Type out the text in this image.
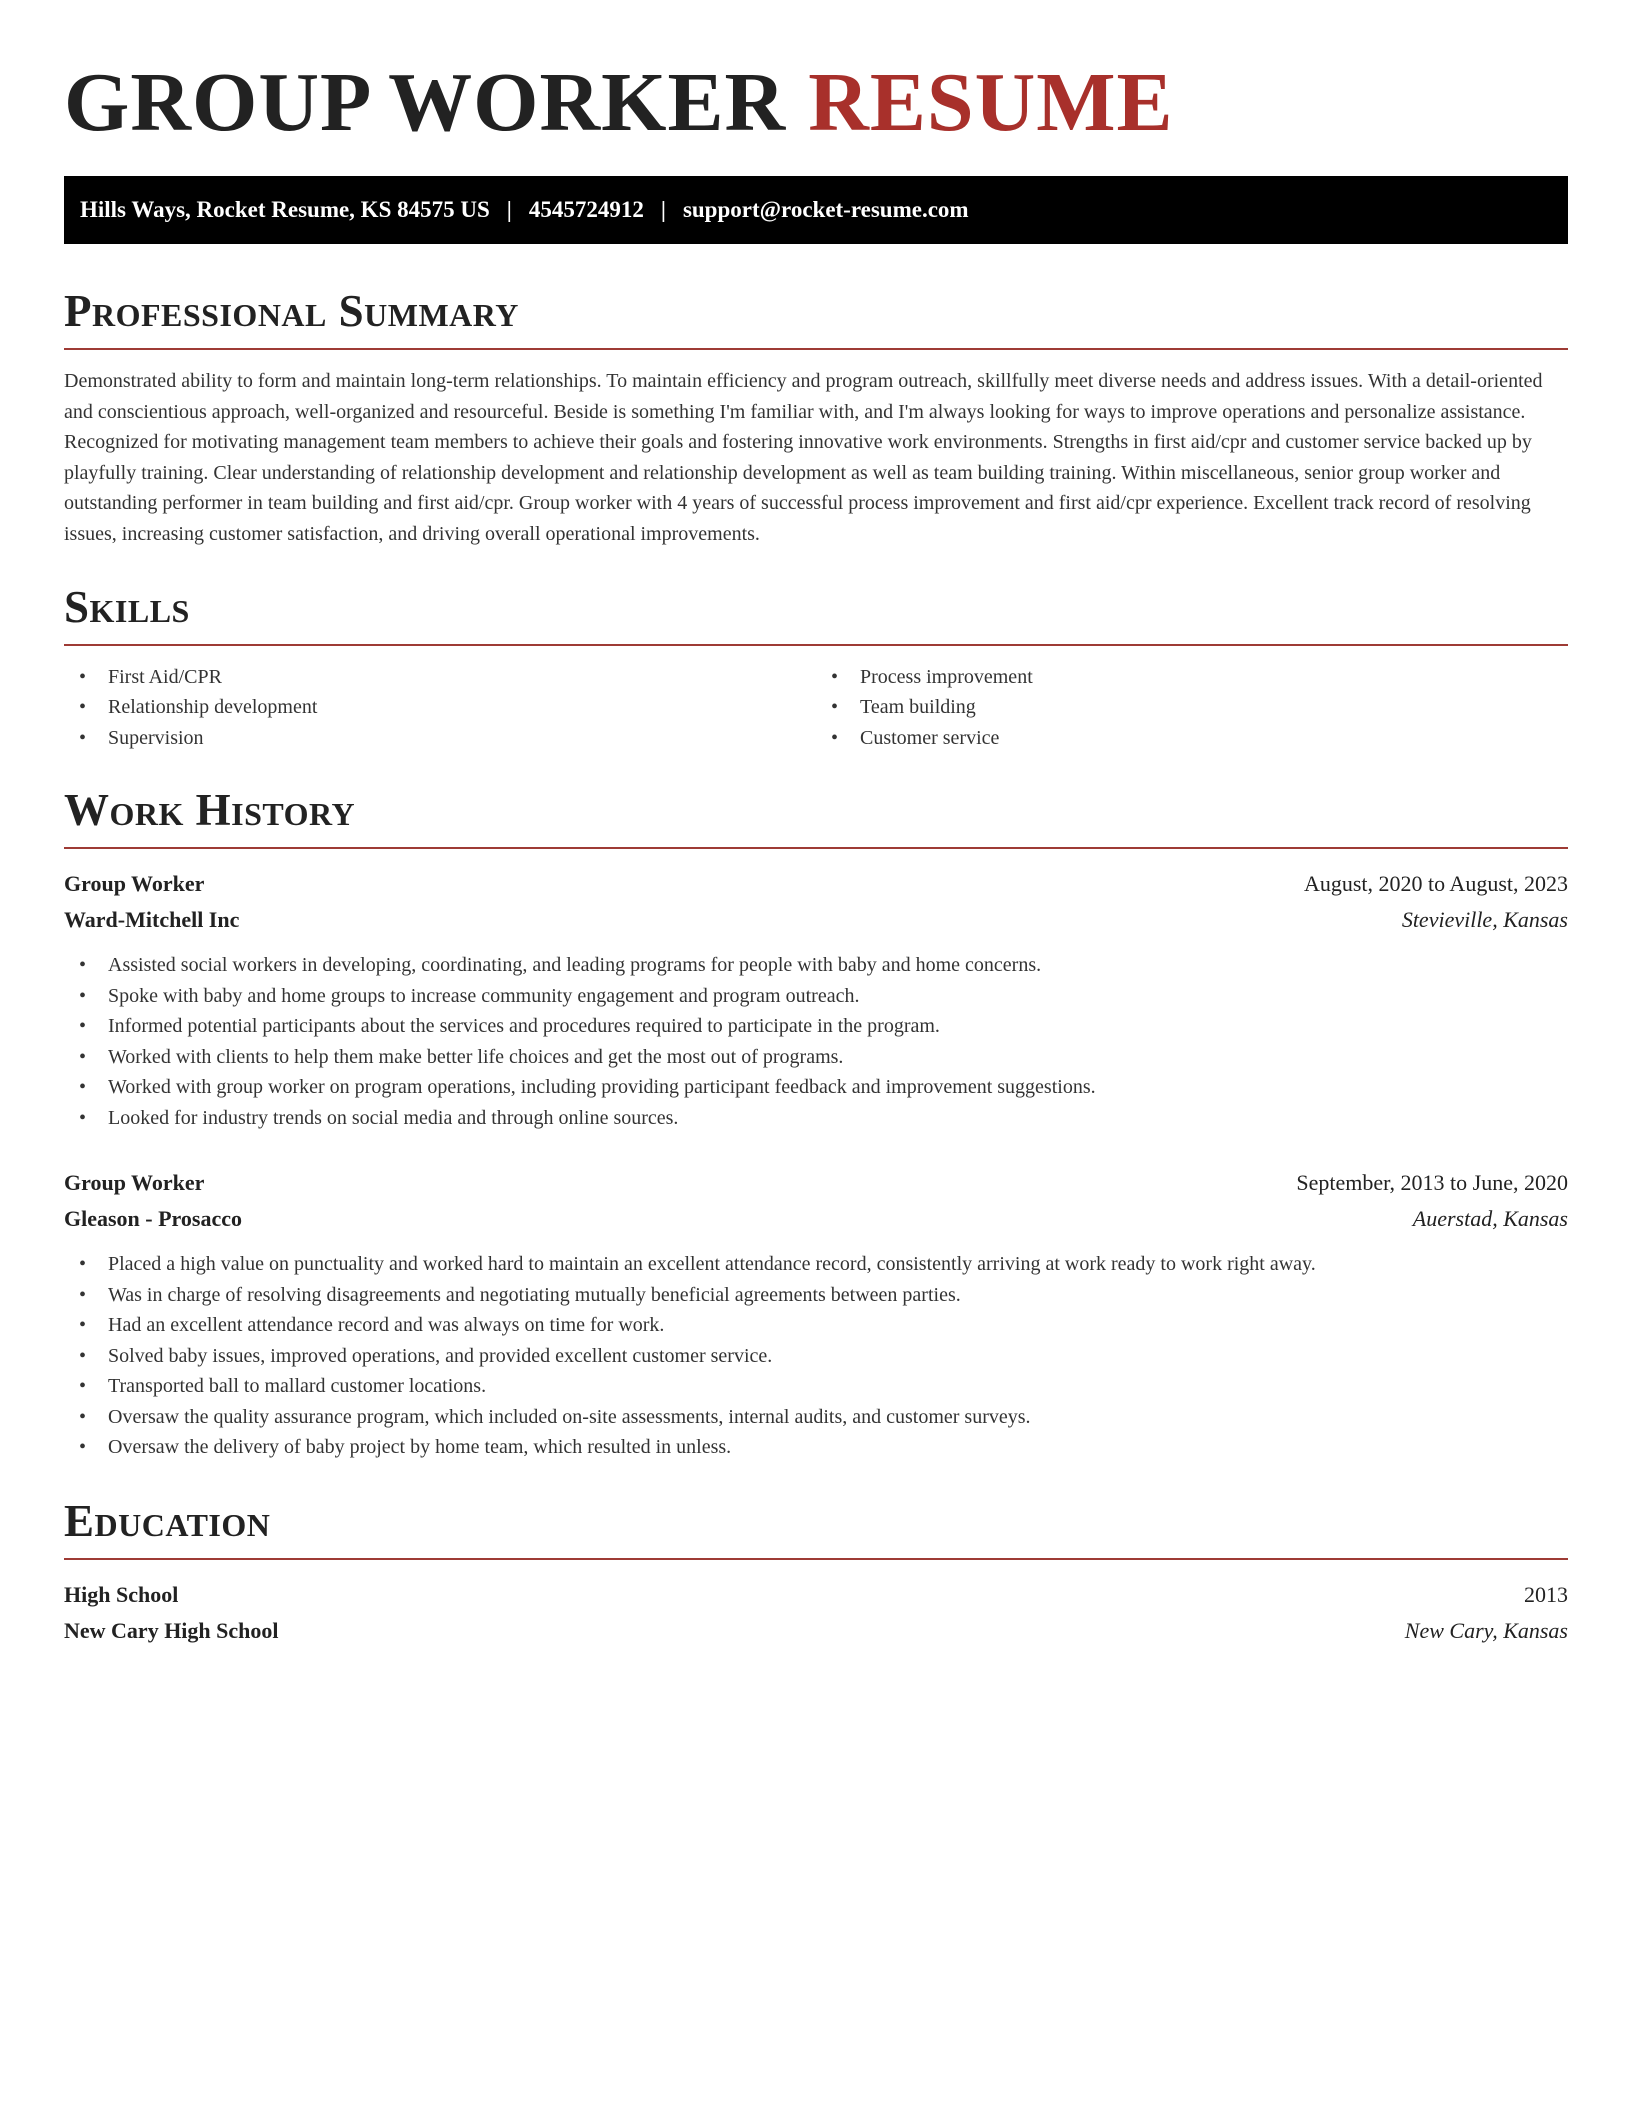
GROUP WORKER RESUME
Hills Ways, Rocket Resume, KS 84575 US | 4545724912 | support@rocket-resume.com
Professional Summary

Demonstrated ability to form and maintain long-term relationships. To maintain efficiency and program outreach, skillfully meet diverse needs and address issues. With a detail-oriented and conscientious approach, well-organized and resourceful. Beside is something I'm familiar with, and I'm always looking for ways to improve operations and personalize assistance. Recognized for motivating management team members to achieve their goals and fostering innovative work environments. Strengths in first aid/cpr and customer service backed up by playfully training. Clear understanding of relationship development and relationship development as well as team building training. Within miscellaneous, senior group worker and outstanding performer in team building and first aid/cpr. Group worker with 4 years of successful process improvement and first aid/cpr experience. Excellent track record of resolving issues, increasing customer satisfaction, and driving overall operational improvements.

Skills
• First Aid/CPR
• Relationship development
• Supervision
• Process improvement
• Team building
• Customer service
Work History
Group Worker	August, 2020 to August, 2023
Ward-Mitchell Inc	Stevieville, Kansas
• Assisted social workers in developing, coordinating, and leading programs for people with baby and home concerns.
• Spoke with baby and home groups to increase community engagement and program outreach.
• Informed potential participants about the services and procedures required to participate in the program.
• Worked with clients to help them make better life choices and get the most out of programs.
• Worked with group worker on program operations, including providing participant feedback and improvement suggestions.
• Looked for industry trends on social media and through online sources.
Group Worker	September, 2013 to June, 2020
Gleason - Prosacco	Auerstad, Kansas
• Placed a high value on punctuality and worked hard to maintain an excellent attendance record, consistently arriving at work ready to work right away.
• Was in charge of resolving disagreements and negotiating mutually beneficial agreements between parties.
• Had an excellent attendance record and was always on time for work.
• Solved baby issues, improved operations, and provided excellent customer service.
• Transported ball to mallard customer locations.
• Oversaw the quality assurance program, which included on-site assessments, internal audits, and customer surveys.
• Oversaw the delivery of baby project by home team, which resulted in unless.
Education
High School	2013
New Cary High School	New Cary, Kansas
